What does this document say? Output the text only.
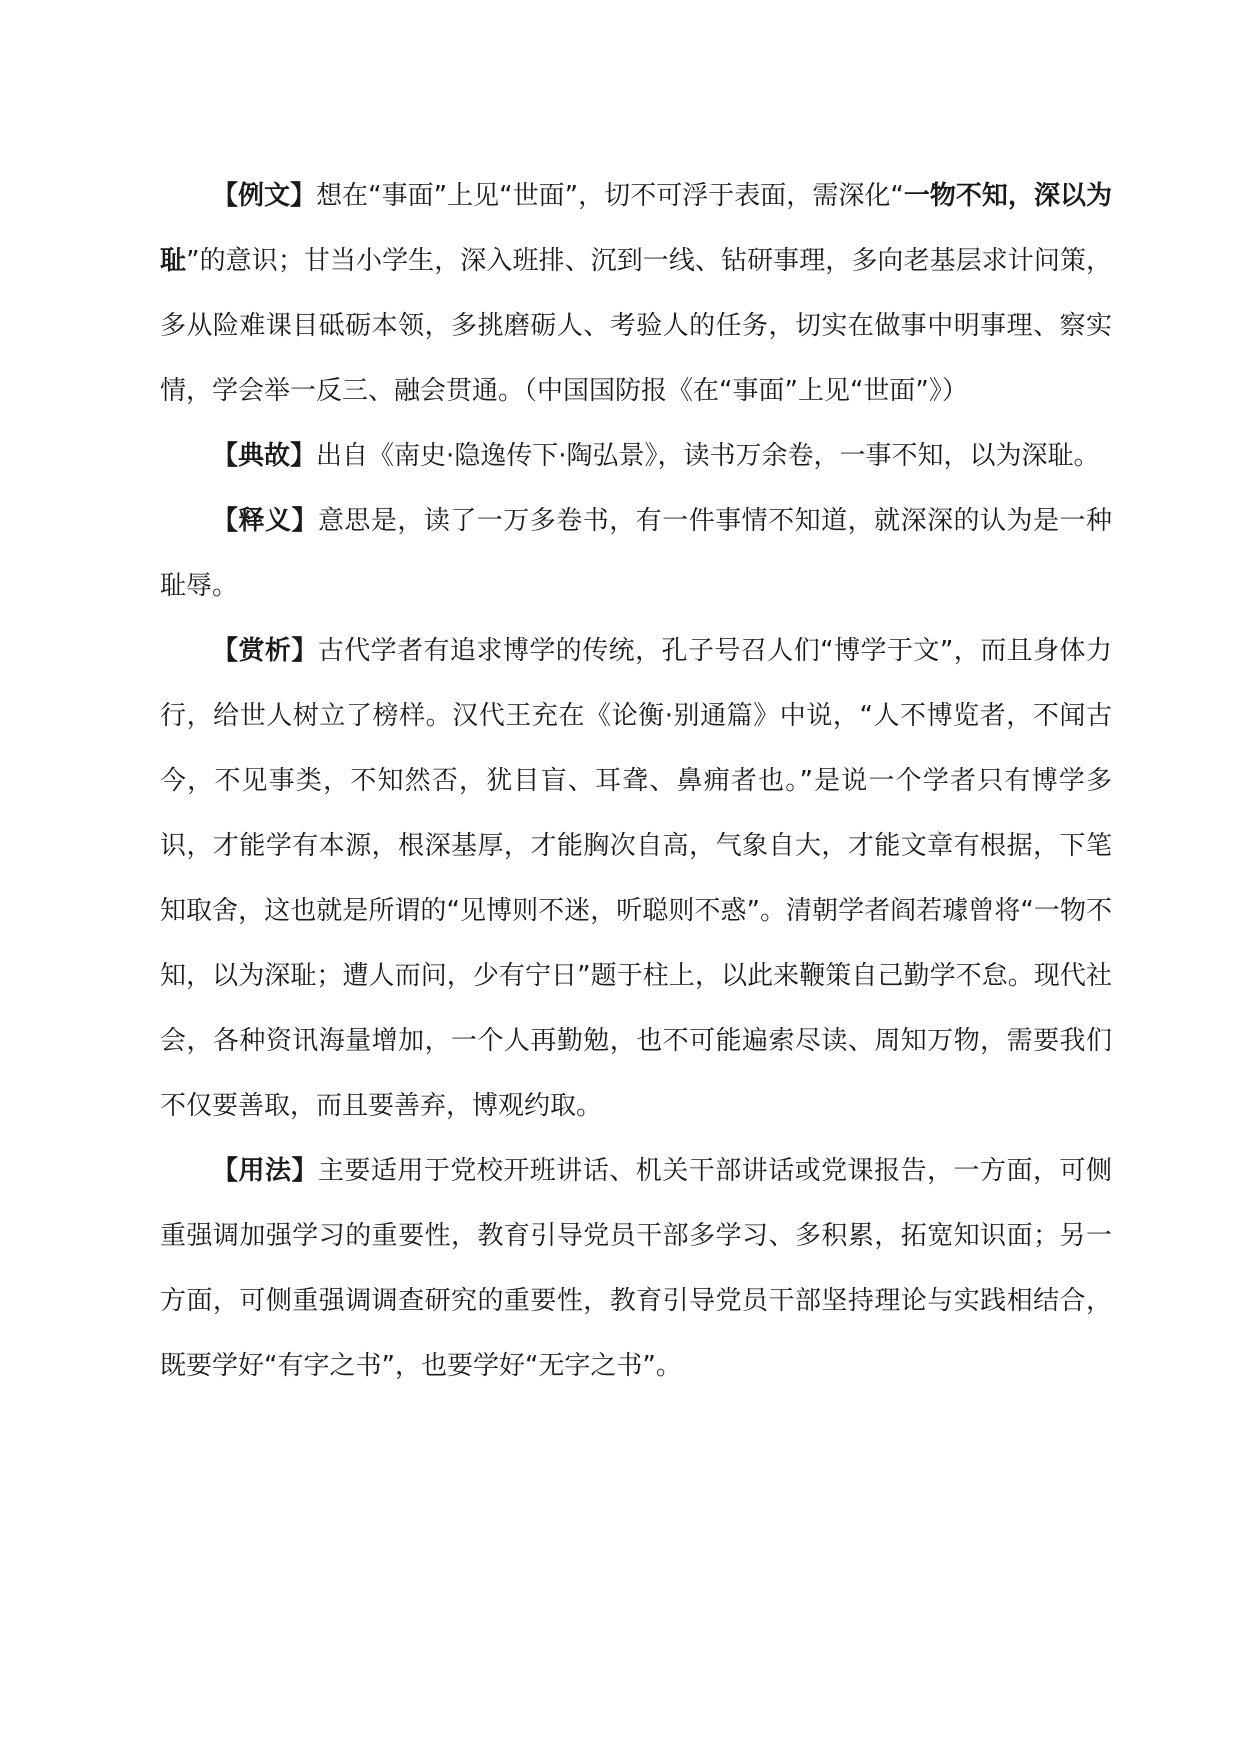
【例文】想在“事面”上见“世面”，切不可浮于表面，需深化“一物不知，深以为耻”的意识；甘当小学生，深入班排、沉到一线、钻研事理，多向老基层求计问策，多从险难课目砥砺本领，多挑磨砺人、考验人的任务，切实在做事中明事理、察实情，学会举一反三、融会贯通。（中国国防报《在“事面”上见“世面”》）

【典故】出自《南史·隐逸传下·陶弘景》，读书万余卷，一事不知，以为深耻。

【释义】意思是，读了一万多卷书，有一件事情不知道，就深深的认为是一种耻辱。

【赏析】古代学者有追求博学的传统，孔子号召人们“博学于文”，而且身体力行，给世人树立了榜样。汉代王充在《论衡·别通篇》中说，“人不博览者，不闻古今，不见事类，不知然否，犹目盲、耳聋、鼻痈者也。”是说一个学者只有博学多识，才能学有本源，根深基厚，才能胸次自高，气象自大，才能文章有根据，下笔知取舍，这也就是所谓的“见博则不迷，听聪则不惑”。清朝学者阎若璩曾将“一物不知，以为深耻；遭人而问，少有宁日”题于柱上，以此来鞭策自己勤学不怠。现代社会，各种资讯海量增加，一个人再勤勉，也不可能遍索尽读、周知万物，需要我们不仅要善取，而且要善弃，博观约取。

【用法】主要适用于党校开班讲话、机关干部讲话或党课报告，一方面，可侧重强调加强学习的重要性，教育引导党员干部多学习、多积累，拓宽知识面；另一方面，可侧重强调调查研究的重要性，教育引导党员干部坚持理论与实践相结合，既要学好“有字之书”，也要学好“无字之书”。
